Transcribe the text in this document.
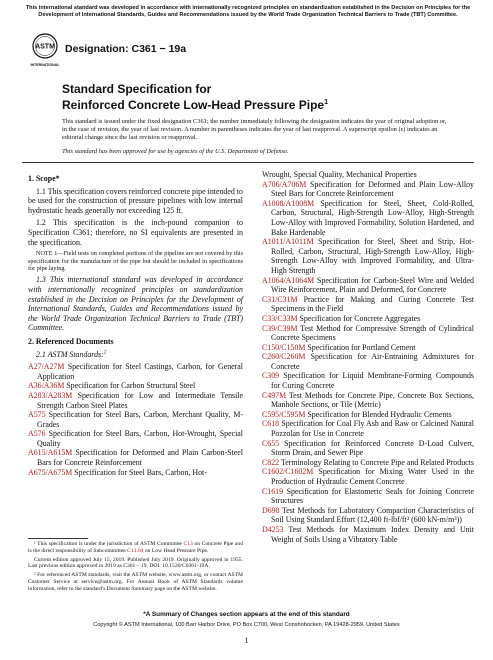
This international standard was developed in accordance with internationally recognized principles on standardization established in the Decision on Principles for the Development of International Standards, Guides and Recommendations issued by the World Trade Organization Technical Barriers to Trade (TBT) Committee.
ASTM
INTERNATIONAL
Designation: C361 − 19a
Standard Specification for
Reinforced Concrete Low-Head Pressure Pipe$^1$
This standard is issued under the fixed designation C361; the number immediately following the designation indicates the year of original adoption or, in the case of revision, the year of last revision. A number in parentheses indicates the year of last reapproval. A superscript epsilon (ε) indicates an editorial change since the last revision or reapproval.
This standard has been approved for use by agencies of the U.S. Department of Defense.

1. Scope*

1.1 This specification covers reinforced concrete pipe intended to be used for the construction of pressure pipelines with low internal hydrostatic heads generally not exceeding 125 ft.

1.2 This specification is the inch-pound companion to Specification C361; therefore, no SI equivalents are presented in the specification.

NOTE 1—Field tests on completed portions of the pipeline are not covered by this specification for the manufacture of the pipe but should be included in specifications for pipe laying.

1.3 This international standard was developed in accordance with internationally recognized principles on standardization established in the Decision on Principles for the Development of International Standards, Guides and Recommendations issued by the World Trade Organization Technical Barriers to Trade (TBT) Committee.

2. Referenced Documents

2.1 ASTM Standards:$^2$

A27/A27M Specification for Steel Castings, Carbon, for General Application

A36/A36M Specification for Carbon Structural Steel

A283/A283M Specification for Low and Intermediate Tensile Strength Carbon Steel Plates

A575 Specification for Steel Bars, Carbon, Merchant Quality, M-Grades

A576 Specification for Steel Bars, Carbon, Hot-Wrought, Special Quality

A615/A615M Specification for Deformed and Plain Carbon-Steel Bars for Concrete Reinforcement

A675/A675M Specification for Steel Bars, Carbon, Hot-

Wrought, Special Quality, Mechanical Properties

A706/A706M Specification for Deformed and Plain Low-Alloy Steel Bars for Concrete Reinforcement

A1008/A1008M Specification for Steel, Sheet, Cold-Rolled, Carbon, Structural, High-Strength Low-Alloy, High-Strength Low-Alloy with Improved Formability, Solution Hardened, and Bake Hardenable

A1011/A1011M Specification for Steel, Sheet and Strip, Hot-Rolled, Carbon, Structural, High-Strength Low-Alloy, High-Strength Low-Alloy with Improved Formability, and Ultra-High Strength

A1064/A1064M Specification for Carbon-Steel Wire and Welded Wire Reinforcement, Plain and Deformed, for Concrete

C31/C31M Practice for Making and Curing Concrete Test Specimens in the Field

C33/C33M Specification for Concrete Aggregates

C39/C39M Test Method for Compressive Strength of Cylindrical Concrete Specimens

C150/C150M Specification for Portland Cement

C260/C260M Specification for Air-Entraining Admixtures for Concrete

C309 Specification for Liquid Membrane-Forming Compounds for Curing Concrete

C497M Test Methods for Concrete Pipe, Concrete Box Sections, Manhole Sections, or Tile (Metric)

C595/C595M Specification for Blended Hydraulic Cements

C618 Specification for Coal Fly Ash and Raw or Calcined Natural Pozzolan for Use in Concrete

C655 Specification for Reinforced Concrete D-Load Culvert, Storm Drain, and Sewer Pipe

C822 Terminology Relating to Concrete Pipe and Related Products

C1602/C1602M Specification for Mixing Water Used in the Production of Hydraulic Cement Concrete

C1619 Specification for Elastomeric Seals for Joining Concrete Structures

D698 Test Methods for Laboratory Compaction Characteristics of Soil Using Standard Effort (12,400 ft-lbf/ft³ (600 kN-m/m³))

D4253 Test Methods for Maximum Index Density and Unit Weight of Soils Using a Vibratory Table

¹ This specification is under the jurisdiction of ASTM Committee C13 on Concrete Pipe and is the direct responsibility of Subcommittee C13.04 on Low Head Pressure Pipe.

Current edition approved July 15, 2019. Published July 2019. Originally approved in 1955. Last previous edition approved in 2019 as C361 – 19. DOI: 10.1520/C0361-19A.

² For referenced ASTM standards, visit the ASTM website, www.astm.org, or contact ASTM Customer Service at service@astm.org. For Annual Book of ASTM Standards volume information, refer to the standard's Document Summary page on the ASTM website.

*A Summary of Changes section appears at the end of this standard
Copyright © ASTM International, 100 Barr Harbor Drive, PO Box C700, West Conshohocken, PA 19428-2959. United States
1
